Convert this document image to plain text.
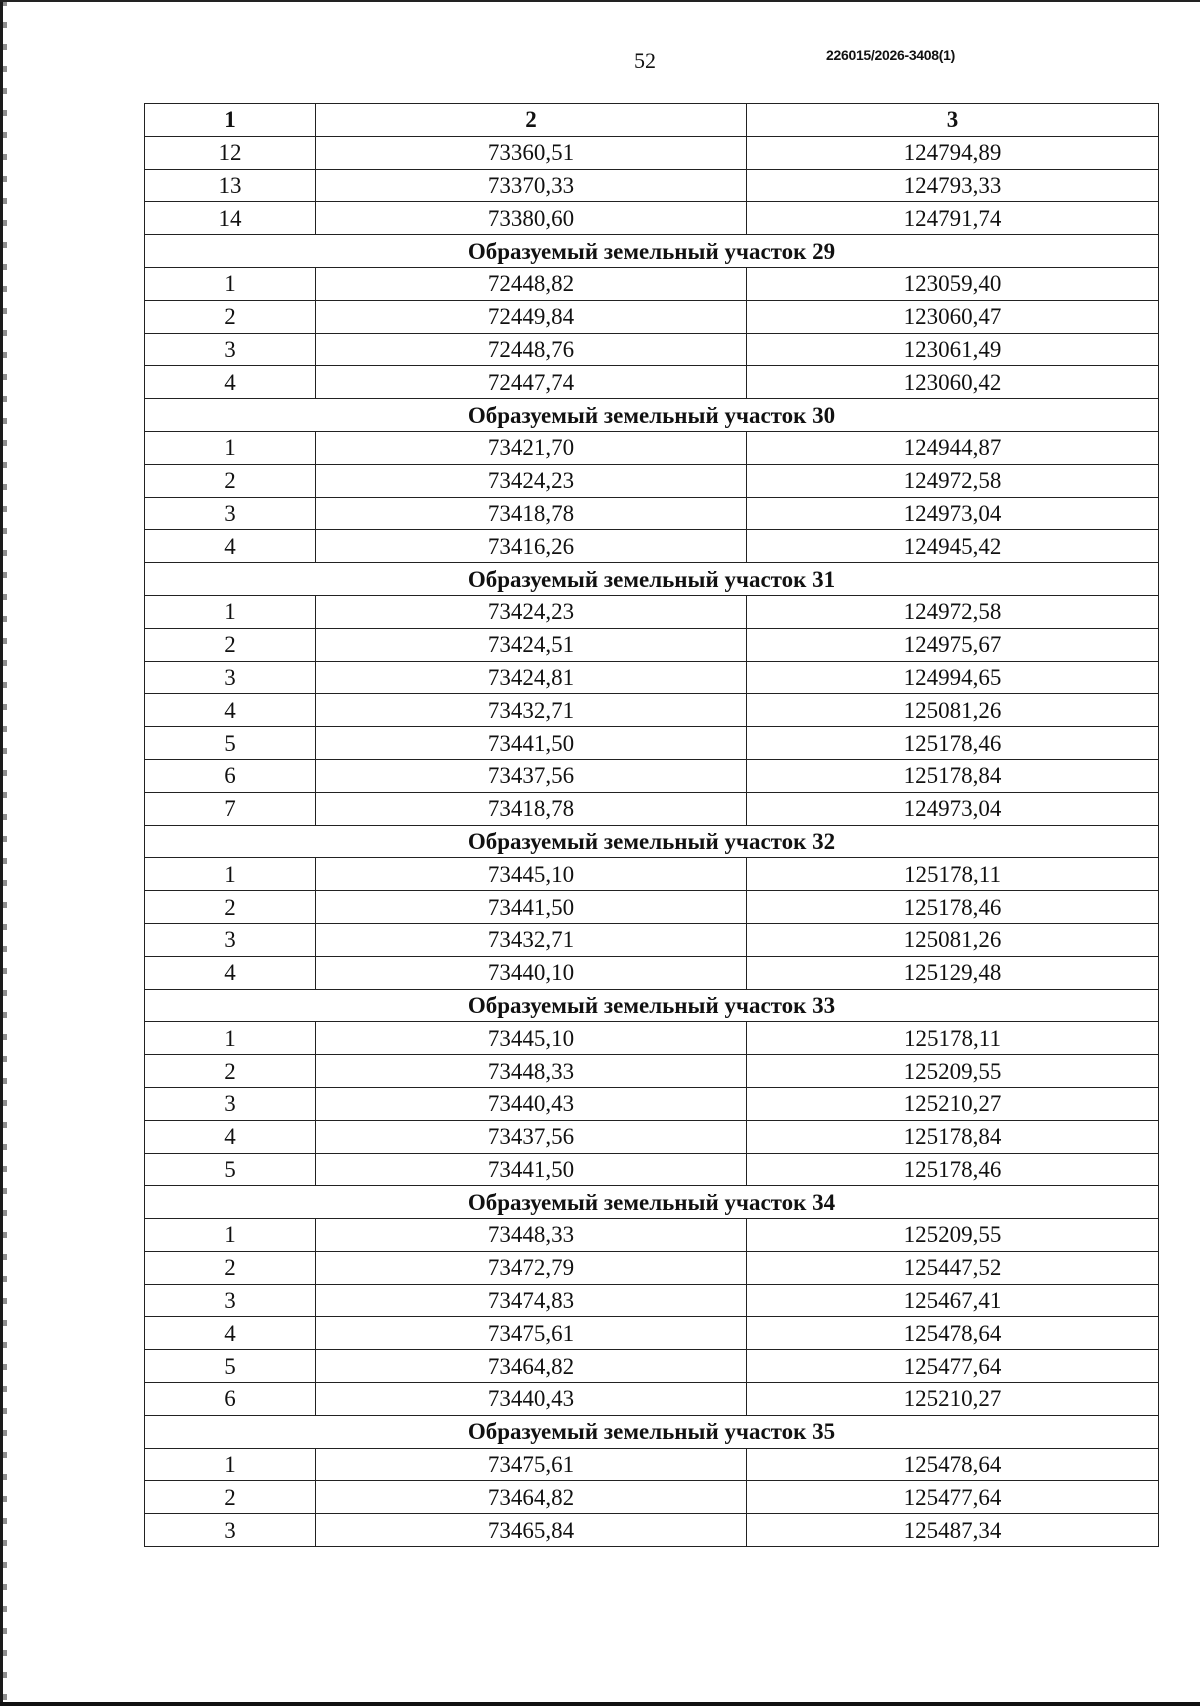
52	226015/2026-3408(1)
1	2	3
12	73360,51	124794,89
13	73370,33	124793,33
14	73380,60	124791,74
Образуемый земельный участок 29		
1	72448,82	123059,40
2	72449,84	123060,47
3	72448,76	123061,49
4	72447,74	123060,42
Образуемый земельный участок 30		
1	73421,70	124944,87
2	73424,23	124972,58
3	73418,78	124973,04
4	73416,26	124945,42
Образуемый земельный участок 31		
1	73424,23	124972,58
2	73424,51	124975,67
3	73424,81	124994,65
4	73432,71	125081,26
5	73441,50	125178,46
6	73437,56	125178,84
7	73418,78	124973,04
Образуемый земельный участок 32		
1	73445,10	125178,11
2	73441,50	125178,46
3	73432,71	125081,26
4	73440,10	125129,48
Образуемый земельный участок 33		
1	73445,10	125178,11
2	73448,33	125209,55
3	73440,43	125210,27
4	73437,56	125178,84
5	73441,50	125178,46
Образуемый земельный участок 34		
1	73448,33	125209,55
2	73472,79	125447,52
3	73474,83	125467,41
4	73475,61	125478,64
5	73464,82	125477,64
6	73440,43	125210,27
Образуемый земельный участок 35		
1	73475,61	125478,64
2	73464,82	125477,64
3	73465,84	125487,34
